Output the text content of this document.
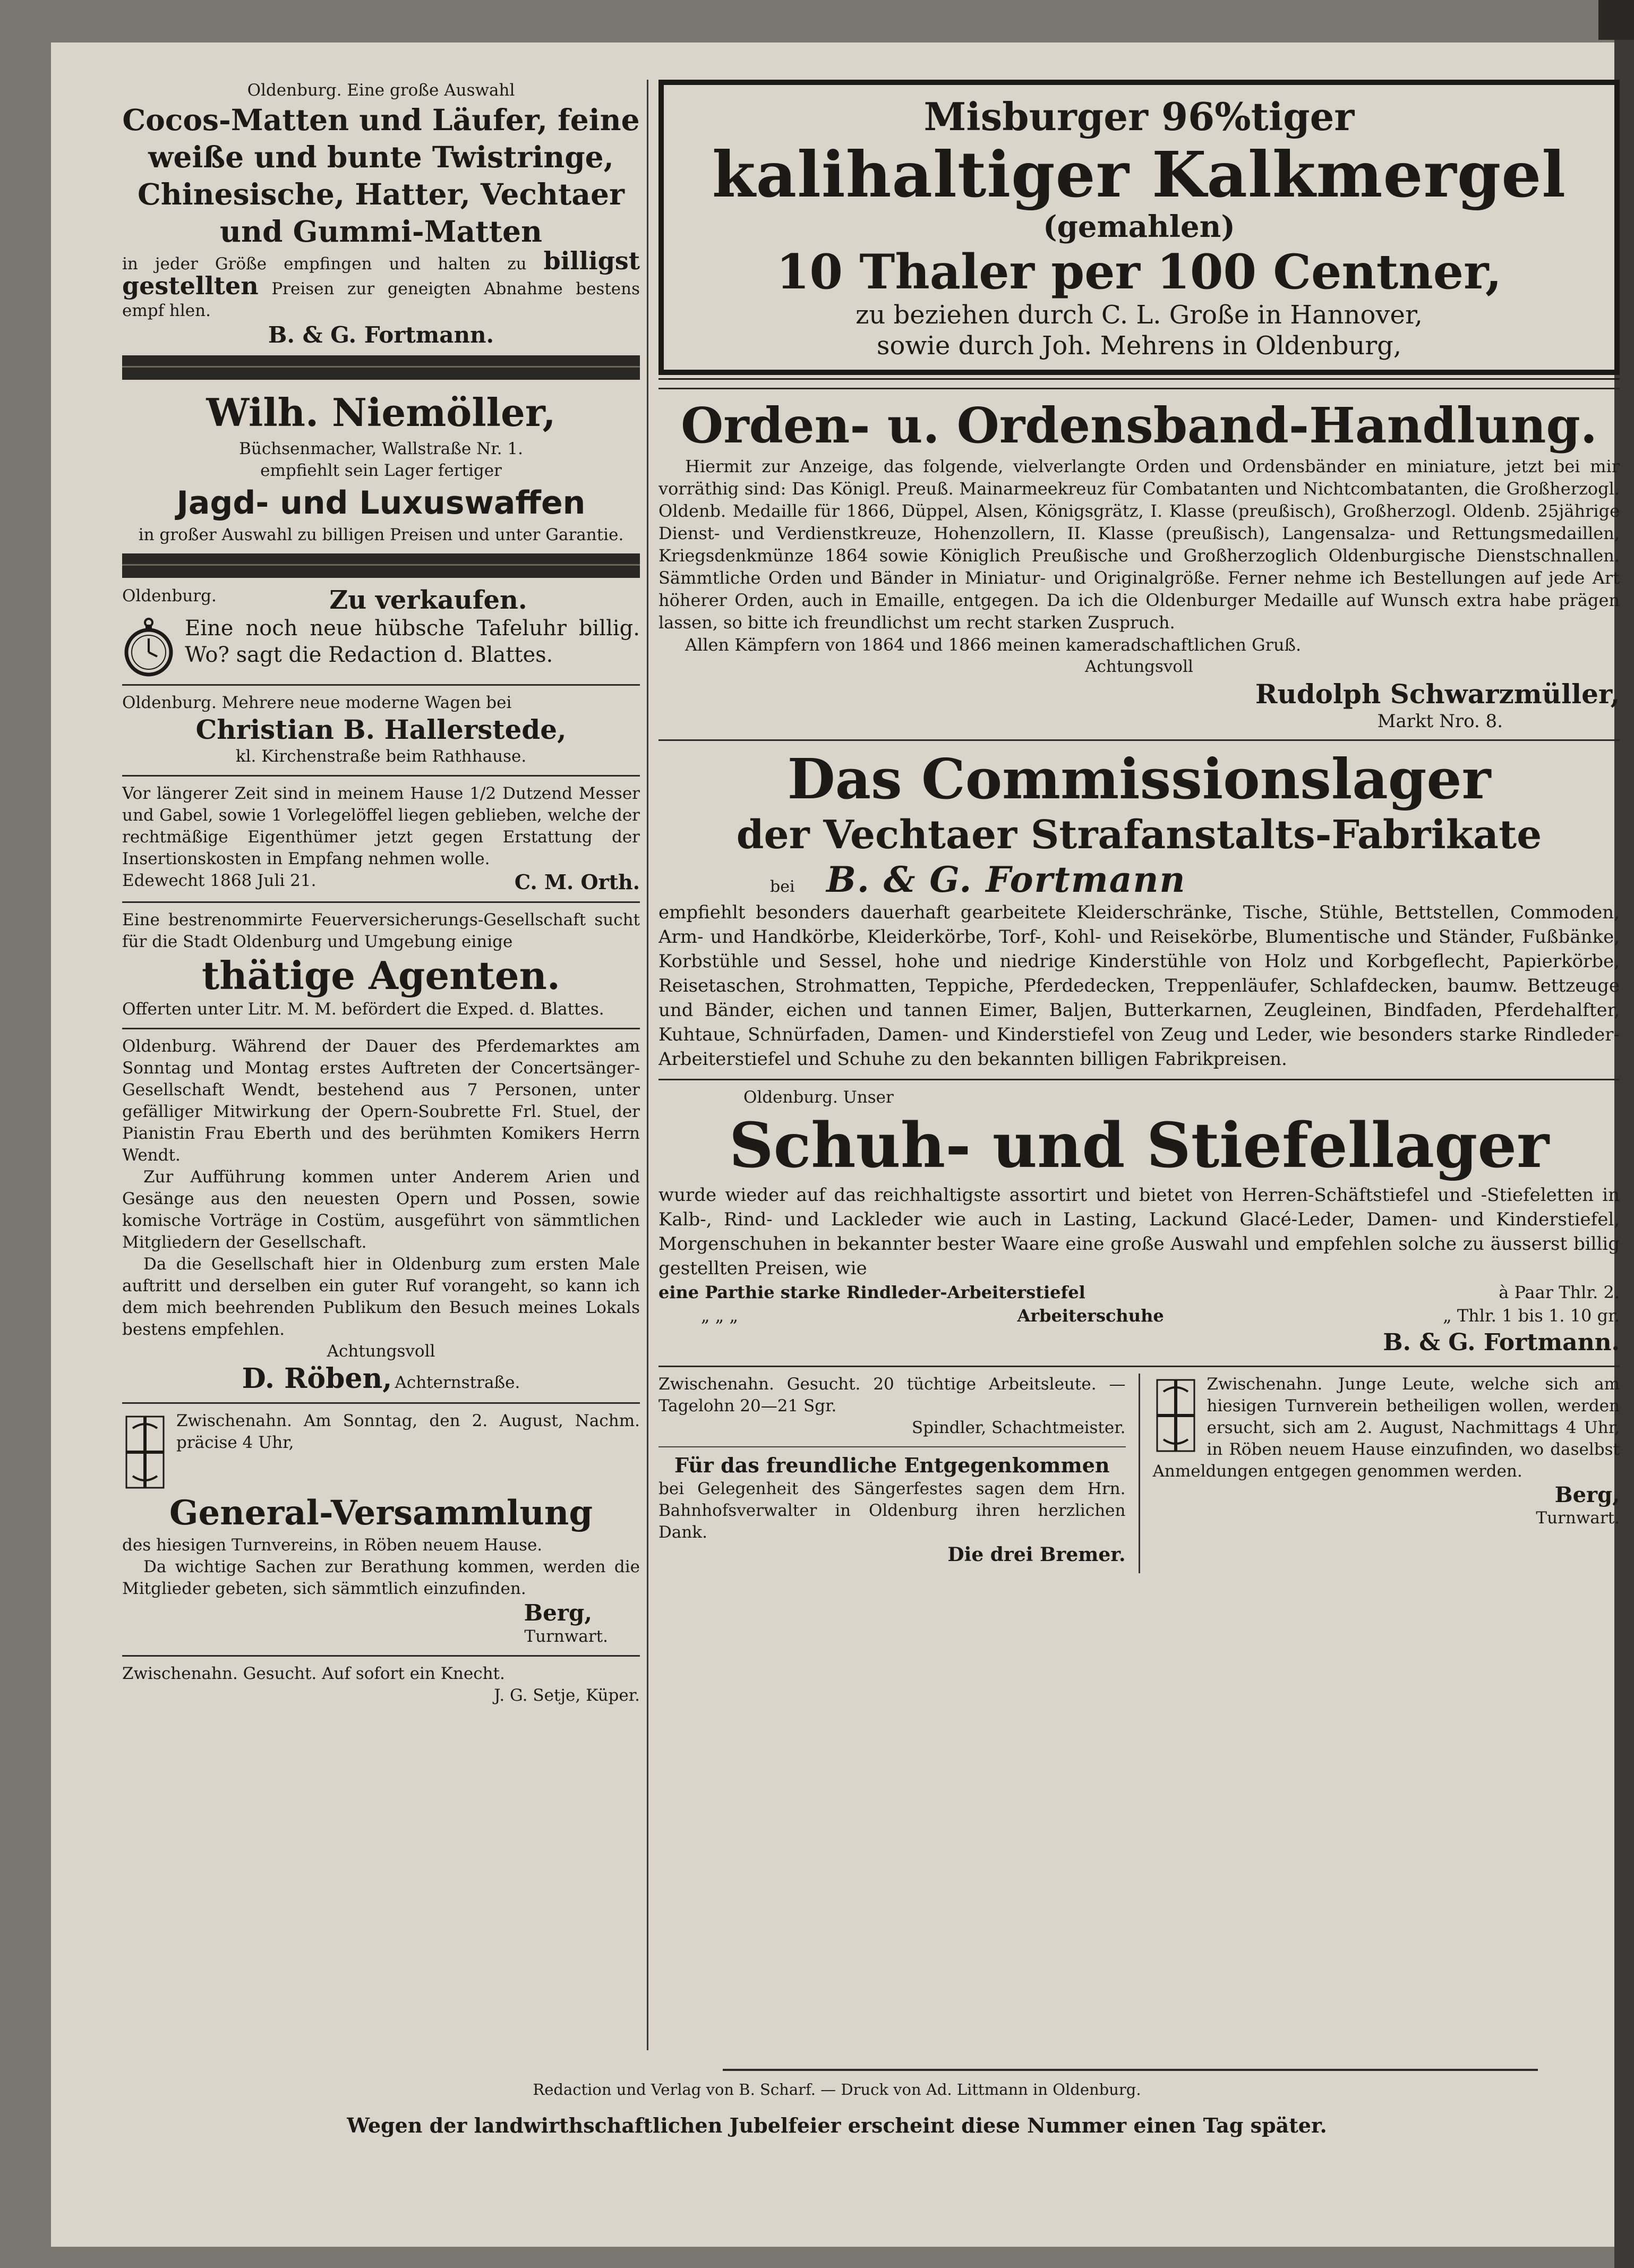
Oldenburg. Eine große Auswahl

Cocos-Matten und Läufer, feine weiße und bunte Twistringe, Chinesische, Hatter, Vechtaer und Gummi-Matten

in jeder Größe empfingen und halten zu billigst gestellten Preisen zur geneigten Abnahme bestens empf hlen.

B. & G. Fortmann.

Wilh. Niemöller,

Büchsenmacher, Wallstraße Nr. 1.

empfiehlt sein Lager fertiger

Jagd- und Luxuswaffen

in großer Auswahl zu billigen Preisen und unter Garantie.

Oldenburg.	Zu verkaufen.

Eine noch neue hübsche Tafeluhr billig. Wo? sagt die Redaction d. Blattes.

Oldenburg. Mehrere neue moderne Wagen bei

Christian B. Hallerstede,

kl. Kirchenstraße beim Rathhause.

Vor längerer Zeit sind in meinem Hause 1/2 Dutzend Messer und Gabel, sowie 1 Vorlegelöffel liegen geblieben, welche der rechtmäßige Eigenthümer jetzt gegen Erstattung der Insertionskosten in Empfang nehmen wolle.

Edewecht 1868 Juli 21.	C. M. Orth.

Eine bestrenommirte Feuerversicherungs-Gesellschaft sucht für die Stadt Oldenburg und Umgebung einige

thätige Agenten.

Offerten unter Litr. M. M. befördert die Exped. d. Blattes.

Oldenburg. Während der Dauer des Pferdemarktes am Sonntag und Montag erstes Auftreten der Concertsänger-Gesellschaft Wendt, bestehend aus 7 Personen, unter gefälliger Mitwirkung der Opern-Soubrette Frl. Stuel, der Pianistin Frau Eberth und des berühmten Komikers Herrn Wendt.

Zur Aufführung kommen unter Anderem Arien und Gesänge aus den neuesten Opern und Possen, sowie komische Vorträge in Costüm, ausgeführt von sämmtlichen Mitgliedern der Gesellschaft.

Da die Gesellschaft hier in Oldenburg zum ersten Male auftritt und derselben ein guter Ruf vorangeht, so kann ich dem mich beehrenden Publikum den Besuch meines Lokals bestens empfehlen.

Achtungsvoll

D. Röben, Achternstraße.

Zwischenahn. Am Sonntag, den 2. August, Nachm. präcise 4 Uhr,

General-Versammlung

des hiesigen Turnvereins, in Röben neuem Hause.

Da wichtige Sachen zur Berathung kommen, werden die Mitglieder gebeten, sich sämmtlich einzufinden.

Berg,

Turnwart.

Zwischenahn. Gesucht. Auf sofort ein Knecht.

J. G. Setje, Küper.

Misburger 96%tiger

kalihaltiger Kalkmergel

(gemahlen)

10 Thaler per 100 Centner,

zu beziehen durch C. L. Große in Hannover,

sowie durch Joh. Mehrens in Oldenburg,

Orden- u. Ordensband-Handlung.

Hiermit zur Anzeige, das folgende, vielverlangte Orden und Ordensbänder en miniature, jetzt bei mir vorräthig sind: Das Königl. Preuß. Mainarmeekreuz für Combatanten und Nichtcombatanten, die Großherzogl. Oldenb. Medaille für 1866, Düppel, Alsen, Königsgrätz, I. Klasse (preußisch), Großherzogl. Oldenb. 25jährige Dienst- und Verdienstkreuze, Hohenzollern, II. Klasse (preußisch), Langensalza- und Rettungsmedaillen, Kriegsdenkmünze 1864 sowie Königlich Preußische und Großherzoglich Oldenburgische Dienstschnallen. Sämmtliche Orden und Bänder in Miniatur- und Originalgröße. Ferner nehme ich Bestellungen auf jede Art höherer Orden, auch in Emaille, entgegen. Da ich die Oldenburger Medaille auf Wunsch extra habe prägen lassen, so bitte ich freundlichst um recht starken Zuspruch.

Allen Kämpfern von 1864 und 1866 meinen kameradschaftlichen Gruß.

Achtungsvoll

Rudolph Schwarzmüller,

Markt Nro. 8.

Das Commissionslager

der Vechtaer Strafanstalts-Fabrikate

bei B. & G. Fortmann

empfiehlt besonders dauerhaft gearbeitete Kleiderschränke, Tische, Stühle, Bettstellen, Commoden, Arm- und Handkörbe, Kleiderkörbe, Torf-, Kohl- und Reisekörbe, Blumentische und Ständer, Fußbänke, Korbstühle und Sessel, hohe und niedrige Kinderstühle von Holz und Korbgeflecht, Papierkörbe, Reisetaschen, Strohmatten, Teppiche, Pferdedecken, Treppenläufer, Schlafdecken, baumw. Bettzeuge und Bänder, eichen und tannen Eimer, Baljen, Butterkarnen, Zeugleinen, Bindfaden, Pferdehalfter, Kuhtaue, Schnürfaden, Damen- und Kinderstiefel von Zeug und Leder, wie besonders starke Rindleder-Arbeiterstiefel und Schuhe zu den bekannten billigen Fabrikpreisen.

Oldenburg. Unser

Schuh- und Stiefellager

wurde wieder auf das reichhaltigste assortirt und bietet von Herren-Schäftstiefel und -Stiefeletten in Kalb-, Rind- und Lackleder wie auch in Lasting, Lackund Glacé-Leder, Damen- und Kinderstiefel, Morgenschuhen in bekannter bester Waare eine große Auswahl und empfehlen solche zu äusserst billig gestellten Preisen, wie

eine Parthie starke Rindleder-Arbeiterstiefel	à Paar Thlr. 2.
„ „ „	Arbeiterschuhe	„ Thlr. 1 bis 1. 10 gr.

B. & G. Fortmann.

Zwischenahn. Gesucht. 20 tüchtige Arbeitsleute. — Tagelohn 20—21 Sgr.

Spindler, Schachtmeister.

Für das freundliche Entgegenkommen

bei Gelegenheit des Sängerfestes sagen dem Hrn. Bahnhofsverwalter in Oldenburg ihren herzlichen Dank.

Die drei Bremer.

Zwischenahn. Junge Leute, welche sich am hiesigen Turnverein betheiligen wollen, werden ersucht, sich am 2. August, Nachmittags 4 Uhr, in Röben neuem Hause einzufinden, wo daselbst Anmeldungen entgegen genommen werden.

Berg,

Turnwart.

Redaction und Verlag von B. Scharf. — Druck von Ad. Littmann in Oldenburg.

Wegen der landwirthschaftlichen Jubelfeier erscheint diese Nummer einen Tag später.
